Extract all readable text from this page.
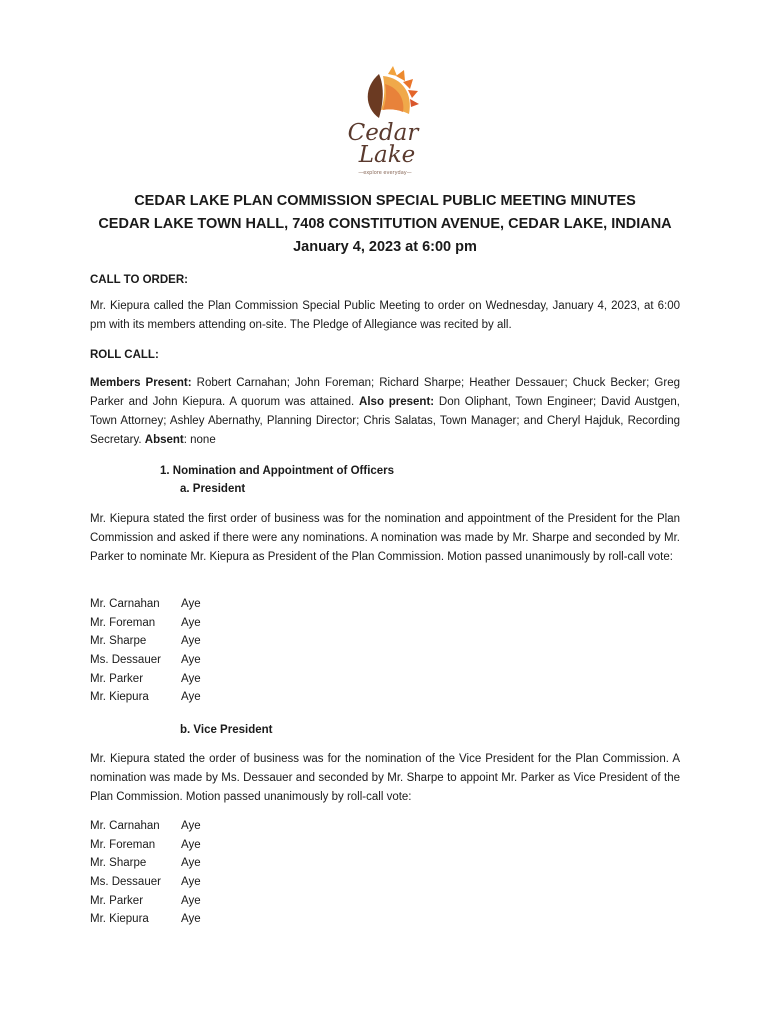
Cedar
Lake
—explore everyday—
CEDAR LAKE PLAN COMMISSION SPECIAL PUBLIC MEETING MINUTES
CEDAR LAKE TOWN HALL, 7408 CONSTITUTION AVENUE, CEDAR LAKE, INDIANA
January 4, 2023 at 6:00 pm
CALL TO ORDER:
Mr. Kiepura called the Plan Commission Special Public Meeting to order on Wednesday, January 4, 2023, at 6:00 pm with its members attending on-site. The Pledge of Allegiance was recited by all.
ROLL CALL:
Members Present: Robert Carnahan; John Foreman; Richard Sharpe; Heather Dessauer; Chuck Becker; Greg Parker and John Kiepura. A quorum was attained. Also present: Don Oliphant, Town Engineer; David Austgen, Town Attorney; Ashley Abernathy, Planning Director; Chris Salatas, Town Manager; and Cheryl Hajduk, Recording Secretary. Absent: none
1. Nomination and Appointment of Officers
a. President
Mr. Kiepura stated the first order of business was for the nomination and appointment of the President for the Plan Commission and asked if there were any nominations. A nomination was made by Mr. Sharpe and seconded by Mr. Parker to nominate Mr. Kiepura as President of the Plan Commission. Motion passed unanimously by roll-call vote:
Mr. Carnahan Aye
Mr. Foreman Aye
Mr. Sharpe	Aye
Ms. Dessauer Aye
Mr. Parker	Aye
Mr. Kiepura	Aye
b. Vice President
Mr. Kiepura stated the order of business was for the nomination of the Vice President for the Plan Commission. A nomination was made by Ms. Dessauer and seconded by Mr. Sharpe to appoint Mr. Parker as Vice President of the Plan Commission. Motion passed unanimously by roll-call vote:
Mr. Carnahan Aye
Mr. Foreman Aye
Mr. Sharpe	Aye
Ms. Dessauer Aye
Mr. Parker	Aye
Mr. Kiepura	Aye
